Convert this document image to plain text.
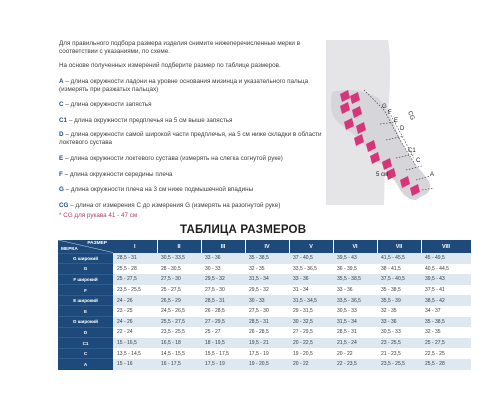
Для правильного подбора размера изделия снимите нижеперечисленные мерки в соответствии с указаниями, по схеме.
На основе полученных измерений подберите размер по таблице размеров.
A – длина окружности ладони на уровне основания мизинца и указательного пальца (измерять при разжатых пальцах)
C – длина окружности запястья
C1 – длина окружности предплечья на 5 см выше запястья
D – длина окружности самой широкой части предплечья, на 5 см ниже складки в области локтевого сустава
E – длина окружности локтевого сустава (измерять на слегка согнутой руке)
F – длина окружности середины плеча
G – длина окружности плеча на 3 см ниже подмышечной впадины
CG – длина от измерения C до измерения G (измерять на разогнутой руке)
* CG для рукава 41 - 47 см
G
F
E
D
C1
C
A
CG
5 см
ТАБЛИЦА РАЗМЕРОВ
РАЗМЕР
МЕРКА	I	II	III	IV	V	VI	VII	VIII
G широкий	28,5 - 31	30,5 - 33,5	33 - 36	35 - 38,5	37 - 40,5	39,5 - 43	41,5 - 45,5	45 - 49,5
G	25,5 - 28	28 - 30,5	30 - 33	32 - 35	33,5 - 36,5	36 - 39,5	38 - 41,5	40,5 - 44,5
F широкий	25 - 27,5	27,5 - 30	29,5 - 32	31,5 - 34	33 - 36	35,5 - 38,5	37,5 - 40,5	39,5 - 43
F	23,5 - 25,5	25 - 27,5	27,5 - 30	29,5 - 32	31 - 34	33 - 36	35 - 38,5	37,5 - 41
E широкий	24 - 26	26,5 - 29	28,5 - 31	30 - 33	31,5 - 34,5	33,5 - 36,5	35,5 - 39	38,5 - 42
E	23 - 25	24,5 - 26,5	26 - 28,5	27,5 - 30	29 - 31,5	30,5 - 33	32 - 35	34 - 37
D широкий	24 - 26	25,5 - 27,5	27 - 29,5	28,5 - 31	30 - 32,5	31,5 - 34	33 - 36	35 - 38,5
D	22 - 24	23,5 - 25,5	25 - 27	26 - 28,5	27 - 29,5	28,5 - 31	30,5 - 33	32 - 35
C1	15 - 16,5	16,5 - 18	18 - 19,5	19,5 - 21	20 - 22,5	21,5 - 24	23 - 25,5	25 - 27,5
C	13,5 - 14,5	14,5 - 15,5	15,5 - 17,5	17,5 - 19	19 - 20,5	20 - 22	21 - 23,5	22,5 - 25
A	15 - 16	16 - 17,5	17,5 - 19	19 - 20,5	20 - 22	22 - 23,5	23,5 - 25,5	25,5 - 28
